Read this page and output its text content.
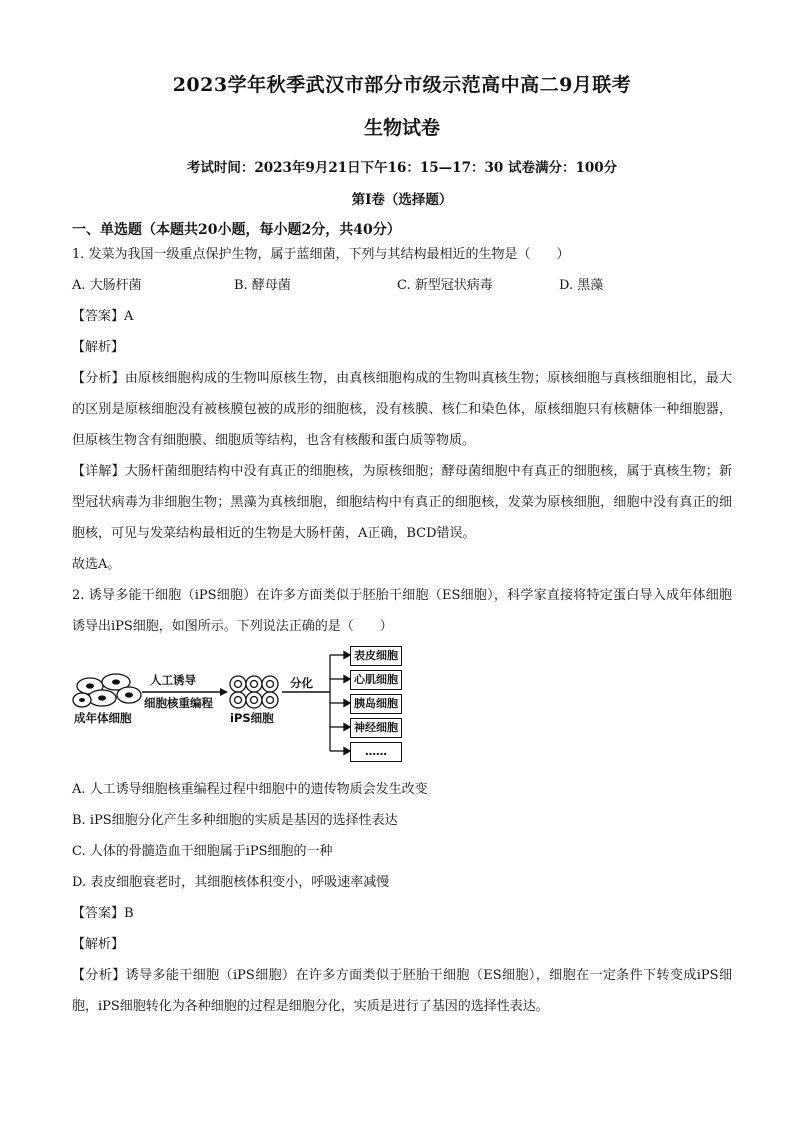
2023学年秋季武汉市部分市级示范高中高二9月联考

生物试卷

考试时间：2023年9月21日下午16：15—17：30 试卷满分：100分

第I卷（选择题）

一、单选题（本题共20小题，每小题2分，共40分）

1. 发菜为我国一级重点保护生物，属于蓝细菌，下列与其结构最相近的生物是（　　）

A. 大肠杆菌	B. 酵母菌	C. 新型冠状病毒	D. 黑藻

【答案】A

【解析】

【分析】由原核细胞构成的生物叫原核生物，由真核细胞构成的生物叫真核生物；原核细胞与真核细胞相比，最大的区别是原核细胞没有被核膜包被的成形的细胞核，没有核膜、核仁和染色体，原核细胞只有核糖体一种细胞器，但原核生物含有细胞膜、细胞质等结构，也含有核酸和蛋白质等物质。

【详解】大肠杆菌细胞结构中没有真正的细胞核，为原核细胞；酵母菌细胞中有真正的细胞核，属于真核生物；新型冠状病毒为非细胞生物；黑藻为真核细胞，细胞结构中有真正的细胞核，发菜为原核细胞，细胞中没有真正的细胞核，可见与发菜结构最相近的生物是大肠杆菌，A正确，BCD错误。

故选A。

2. 诱导多能干细胞（iPS细胞）在许多方面类似于胚胎干细胞（ES细胞），科学家直接将特定蛋白导入成年体细胞诱导出iPS细胞，如图所示。下列说法正确的是（　　）

人工诱导
细胞核重编程
成年体细胞	iPS细胞
分化
表皮细胞
心肌细胞
胰岛细胞
神经细胞
……

A. 人工诱导细胞核重编程过程中细胞中的遗传物质会发生改变

B. iPS细胞分化产生多种细胞的实质是基因的选择性表达

C. 人体的骨髓造血干细胞属于iPS细胞的一种

D. 表皮细胞衰老时，其细胞核体积变小，呼吸速率减慢

【答案】B

【解析】

【分析】诱导多能干细胞（iPS细胞）在许多方面类似于胚胎干细胞（ES细胞），细胞在一定条件下转变成iPS细胞，iPS细胞转化为各种细胞的过程是细胞分化，实质是进行了基因的选择性表达。
